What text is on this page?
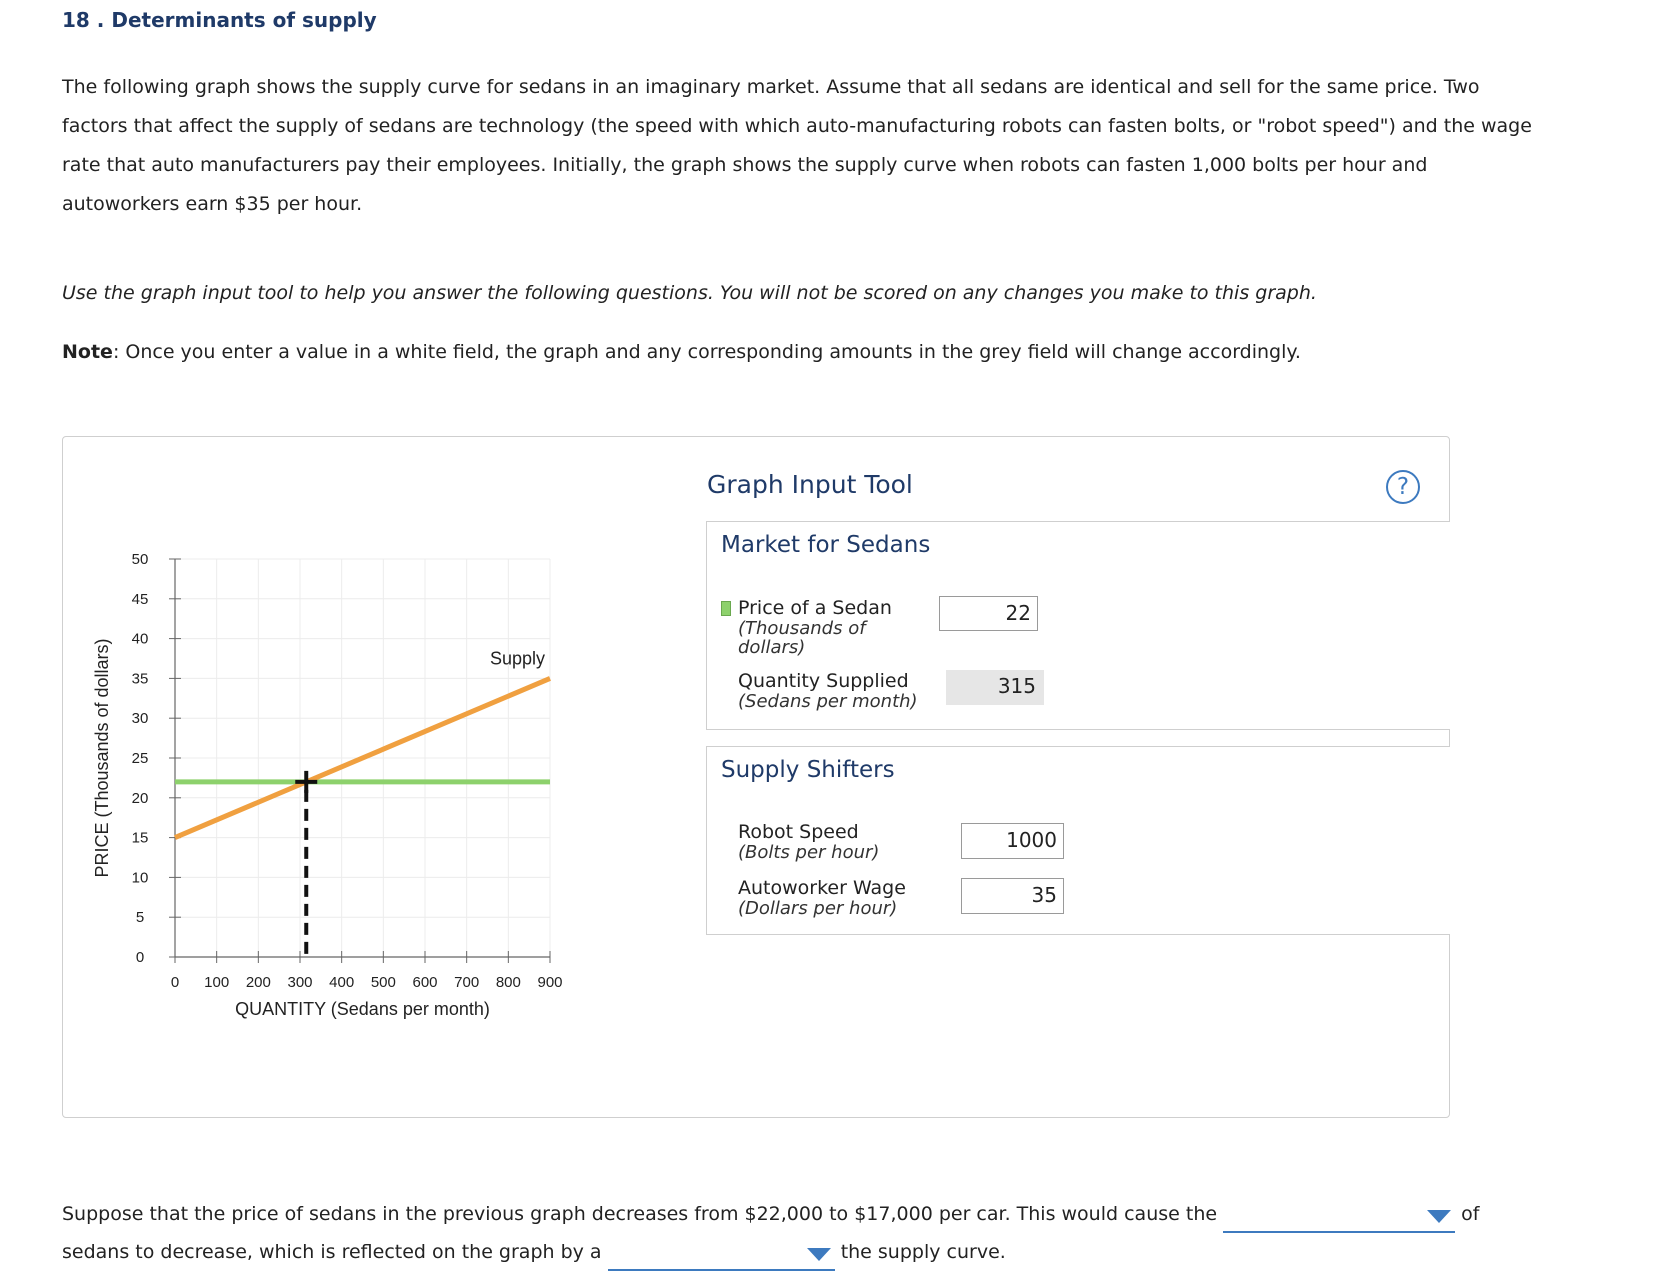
18 . Determinants of supply
The following graph shows the supply curve for sedans in an imaginary market. Assume that all sedans are identical and sell for the same price. Two factors that affect the supply of sedans are technology (the speed with which auto-manufacturing robots can fasten bolts, or "robot speed") and the wage rate that auto manufacturers pay their employees. Initially, the graph shows the supply curve when robots can fasten 1,000 bolts per hour and autoworkers earn $35 per hour.
Use the graph input tool to help you answer the following questions. You will not be scored on any changes you make to this graph.
Note: Once you enter a value in a white field, the graph and any corresponding amounts in the grey field will change accordingly.
0
5
10
15
20
25
30
35
40
45
50
0 100 200 300 400 500 600 700 800 900
QUANTITY (Sedans per month)
PRICE (Thousands of dollars)	Supply
Graph Input Tool	?
Market for Sedans
Price of a Sedan
(Thousands of dollars)
22
Quantity Supplied
(Sedans per month)
315
Supply Shifters
Robot Speed
(Bolts per hour)
1000
Autoworker Wage
(Dollars per hour)
35
Suppose that the price of sedans in the previous graph decreases from $22,000 to $17,000 per car. This would cause the	of
sedans to decrease, which is reflected on the graph by a	the supply curve.
